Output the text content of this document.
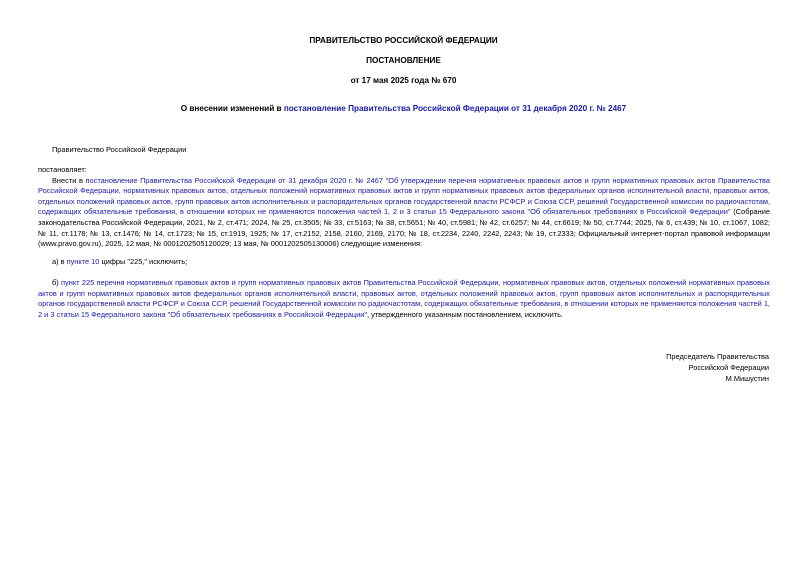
ПРАВИТЕЛЬСТВО РОССИЙСКОЙ ФЕДЕРАЦИИ
ПОСТАНОВЛЕНИЕ
от 17 мая 2025 года № 670
О внесении изменений в постановление Правительства Российской Федерации от 31 декабря 2020 г. № 2467

Правительство Российской Федерации

постановляет:

Внести в постановление Правительства Российской Федерации от 31 декабря 2020 г. № 2467 "Об утверждении перечня нормативных правовых актов и групп нормативных правовых актов Правительства Российской Федерации, нормативных правовых актов, отдельных положений нормативных правовых актов и групп нормативных правовых актов федеральных органов исполнительной власти, правовых актов, отдельных положений правовых актов, групп правовых актов исполнительных и распорядительных органов государственной власти РСФСР и Союза ССР, решений Государственной комиссии по радиочастотам, содержащих обязательные требования, в отношении которых не применяются положения частей 1, 2 и 3 статьи 15 Федерального закона "Об обязательных требованиях в Российской Федерации" (Собрание законодательства Российской Федерации, 2021, № 2, ст.471; 2024, № 25, ст.3505; № 33, ст.5163; № 38, ст.5651; № 40, ст.5981; № 42, ст.6257; № 44, ст.6619; № 50, ст.7744; 2025, № 6, ст.439; № 10, ст.1067, 1082; № 11, ст.1178; № 13, ст.1476; № 14, ст.1723; № 15, ст.1919, 1925; № 17, ст.2152, 2158, 2160, 2169, 2170; № 18, ст.2234, 2240, 2242, 2243; № 19, ст.2333; Официальный интернет-портал правовой информации (www.pravo.gov.ru), 2025, 12 мая, № 0001202505120029; 13 мая, № 0001202505130006) следующие изменения:

а) в пункте 10 цифры "225," исключить;

б) пункт 225 перечня нормативных правовых актов и групп нормативных правовых актов Правительства Российской Федерации, нормативных правовых актов, отдельных положений нормативных правовых актов и групп нормативных правовых актов федеральных органов исполнительной власти, правовых актов, отдельных положений правовых актов, групп правовых актов исполнительных и распорядительных органов государственной власти РСФСР и Союза ССР, решений Государственной комиссии по радиочастотам, содержащих обязательные требования, в отношении которых не применяются положения частей 1, 2 и 3 статьи 15 Федерального закона "Об обязательных требованиях в Российской Федерации", утвержденного указанным постановлением, исключить.

Председатель Правительства
Российской Федерации
М.Мишустин
